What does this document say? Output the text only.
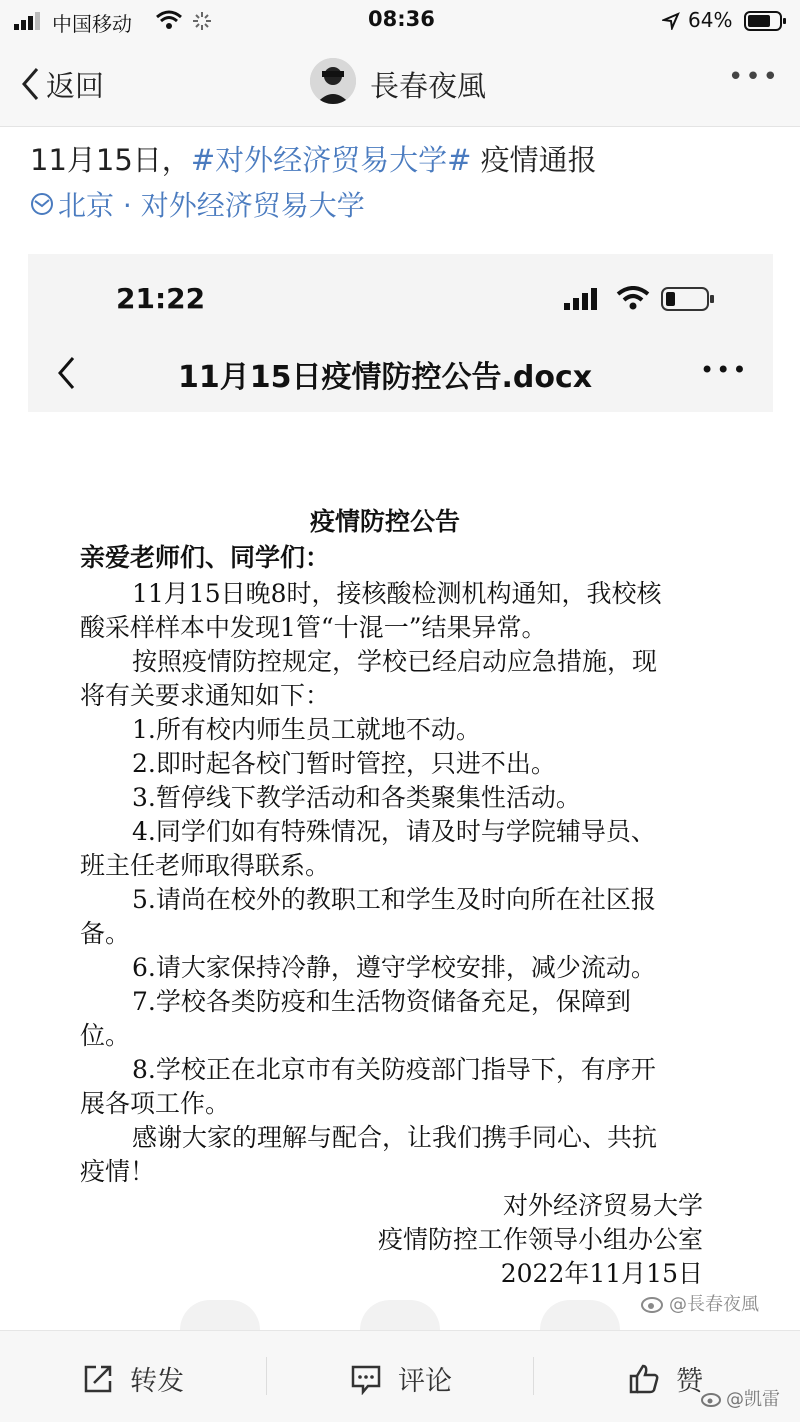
中国移动	08:36	64%
返回	長春夜風	•••
11月15日，#对外经济贸易大学# 疫情通报
北京 · 对外经济贸易大学
21:22
11月15日疫情防控公告.docx	•••
疫情防控公告
亲爱老师们、同学们：
11月15日晚8时，接核酸检测机构通知，我校核
酸采样样本中发现1管“十混一”结果异常。
按照疫情防控规定，学校已经启动应急措施，现
将有关要求通知如下：
1.所有校内师生员工就地不动。
2.即时起各校门暂时管控，只进不出。
3.暂停线下教学活动和各类聚集性活动。
4.同学们如有特殊情况，请及时与学院辅导员、
班主任老师取得联系。
5.请尚在校外的教职工和学生及时向所在社区报
备。
6.请大家保持冷静，遵守学校安排，减少流动。
7.学校各类防疫和生活物资储备充足，保障到
位。
8.学校正在北京市有关防疫部门指导下，有序开
展各项工作。
感谢大家的理解与配合，让我们携手同心、共抗
疫情！
对外经济贸易大学
疫情防控工作领导小组办公室
2022年11月15日
@長春夜風
转发	评论	赞
@凯雷
